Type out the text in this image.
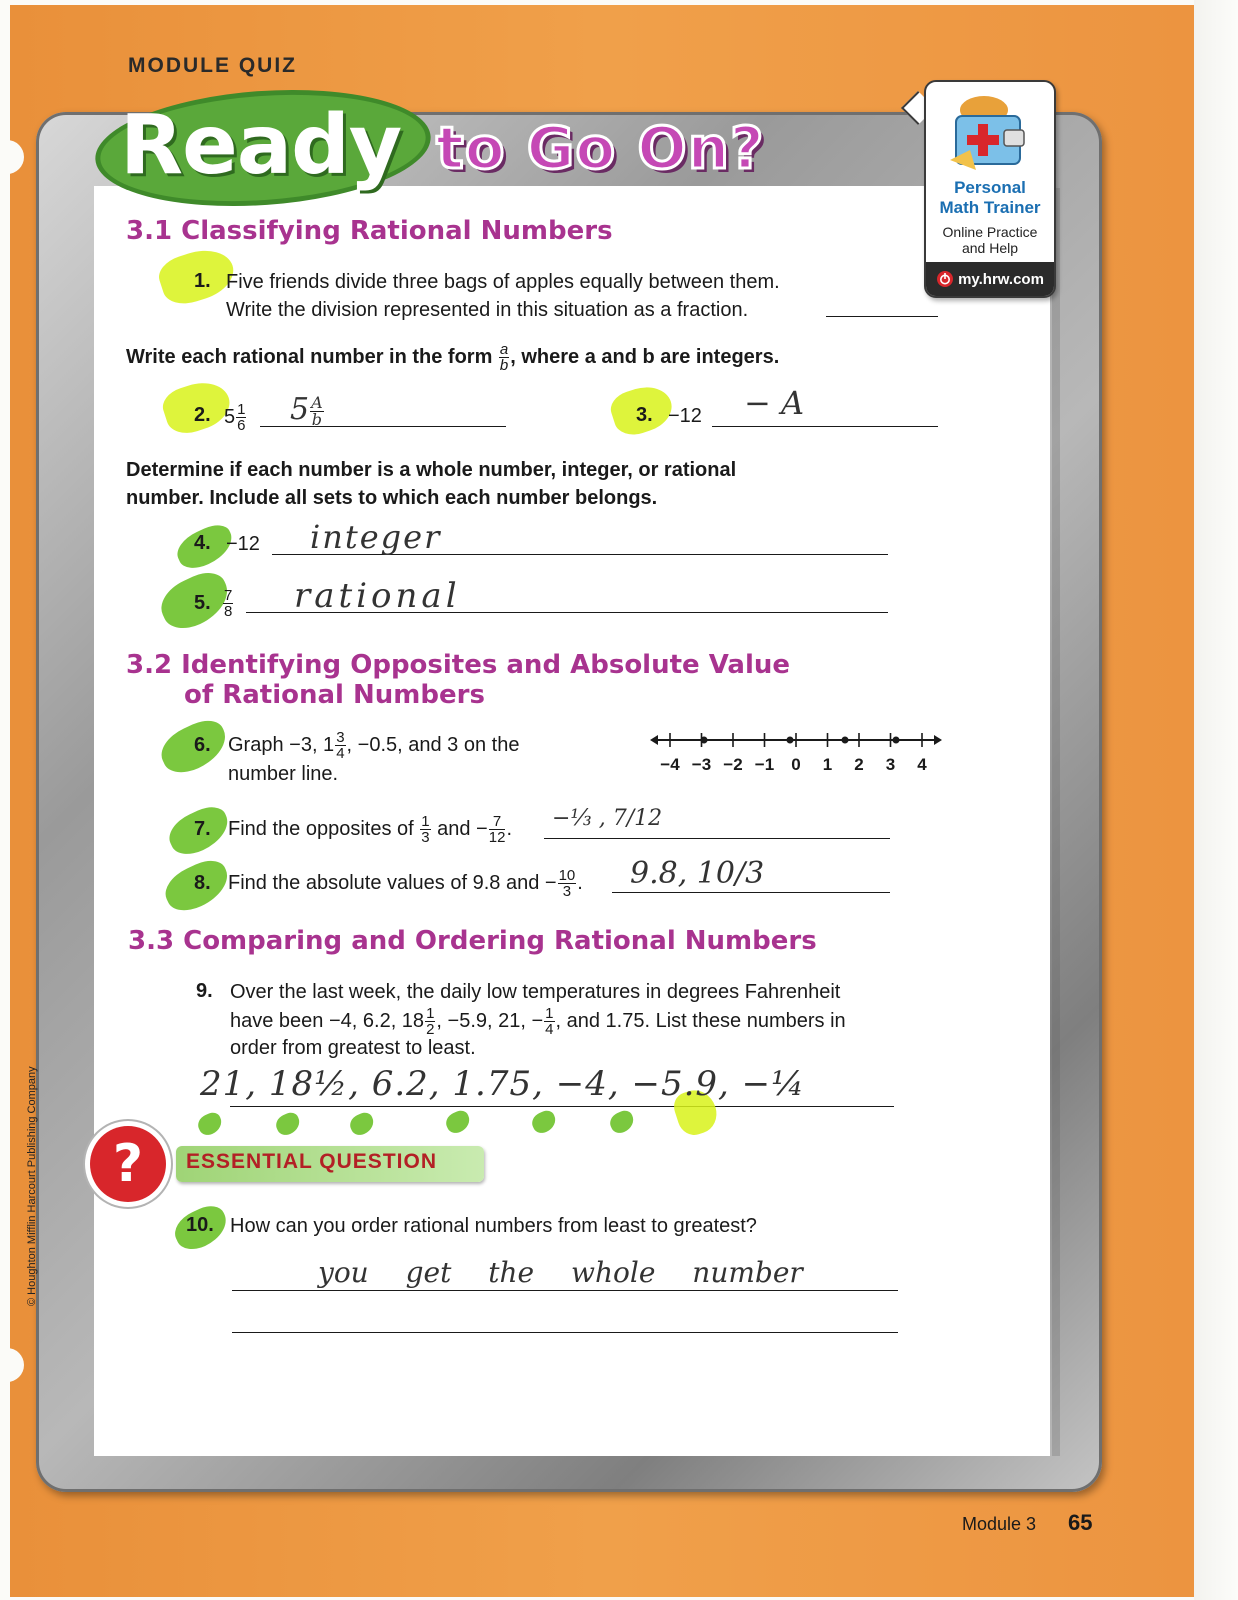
MODULE QUIZ
Ready to Go On?
Personal
Math Trainer
Online Practice
and Help
my.hrw.com
3.1 Classifying Rational Numbers
1. Five friends divide three bags of apples equally between them.
Write the division represented in this situation as a fraction.
Write each rational number in the form $\frac{a}{b}$ , where a and b are integers.
2. $5 \frac{1}{6} 5 \frac{A}{b}$	3. −12 − A
Determine if each number is a whole number, integer, or rational
number. Include all sets to which each number belongs.
4. −12 integer
5. $\frac{7}{8}$ rational
3.2 Identifying Opposites and Absolute Value
of Rational Numbers
6. Graph −3, $1 \frac{3}{4}$ , −0.5, and 3 on the
number line.	−4 −3 −2 −1 0 1 2 3 4
7. Find the opposites of $\frac{1}{3}$ and − $\frac{7}{12}$ . −⅓ , 7/12
8. Find the absolute values of 9.8 and − $\frac{10}{3}$ . 9.8, 10/3
3.3 Comparing and Ordering Rational Numbers
9. Over the last week, the daily low temperatures in degrees Fahrenheit
have been −4, 6.2, $18 \frac{1}{2}$ , −5.9, 21, − $\frac{1}{4}$ , and 1.75. List these numbers in
order from greatest to least.
21, 18½, 6.2, 1.75, −4, −5.9, −¼
?	ESSENTIAL QUESTION
10. How can you order rational numbers from least to greatest?
you get the whole number
© Houghton Mifflin Harcourt Publishing Company
Module 3 65
